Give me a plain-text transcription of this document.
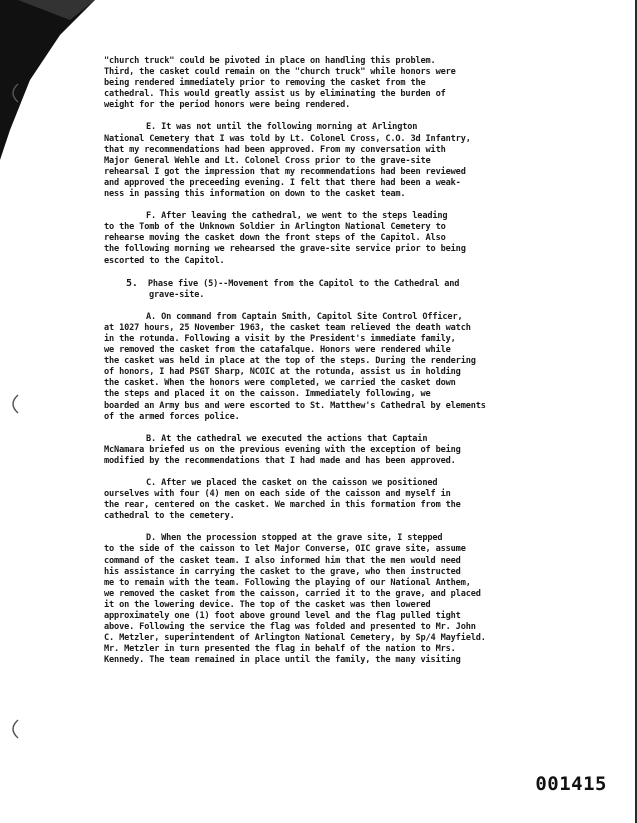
"church truck" could be pivoted in place on handling this problem.

Third, the casket could remain on the "church truck" while honors were

being rendered immediately prior to removing the casket from the

cathedral. This would greatly assist us by eliminating the burden of

weight for the period honors were being rendered.

E. It was not until the following morning at Arlington

National Cemetery that I was told by Lt. Colonel Cross, C.O. 3d Infantry,

that my recommendations had been approved. From my conversation with

Major General Wehle and Lt. Colonel Cross prior to the grave-site

rehearsal I got the impression that my recommendations had been reviewed

and approved the preceeding evening. I felt that there had been a weak-

ness in passing this information on down to the casket team.

F. After leaving the cathedral, we went to the steps leading

to the Tomb of the Unknown Soldier in Arlington National Cemetery to

rehearse moving the casket down the front steps of the Capitol. Also

the following morning we rehearsed the grave-site service prior to being

escorted to the Capitol.

5. Phase five (5)--Movement from the Capitol to the Cathedral and

grave-site.

A. On command from Captain Smith, Capitol Site Control Officer,

at 1027 hours, 25 November 1963, the casket team relieved the death watch

in the rotunda. Following a visit by the President's immediate family,

we removed the casket from the catafalque. Honors were rendered while

the casket was held in place at the top of the steps. During the rendering

of honors, I had PSGT Sharp, NCOIC at the rotunda, assist us in holding

the casket. When the honors were completed, we carried the casket down

the steps and placed it on the caisson. Immediately following, we

boarded an Army bus and were escorted to St. Matthew's Cathedral by elements

of the armed forces police.

B. At the cathedral we executed the actions that Captain

McNamara briefed us on the previous evening with the exception of being

modified by the recommendations that I had made and has been approved.

C. After we placed the casket on the caisson we positioned

ourselves with four (4) men on each side of the caisson and myself in

the rear, centered on the casket. We marched in this formation from the

cathedral to the cemetery.

D. When the procession stopped at the grave site, I stepped

to the side of the caisson to let Major Converse, OIC grave site, assume

command of the casket team. I also informed him that the men would need

his assistance in carrying the casket to the grave, who then instructed

me to remain with the team. Following the playing of our National Anthem,

we removed the casket from the caisson, carried it to the grave, and placed

it on the lowering device. The top of the casket was then lowered

approximately one (1) foot above ground level and the flag pulled tight

above. Following the service the flag was folded and presented to Mr. John

C. Metzler, superintendent of Arlington National Cemetery, by Sp/4 Mayfield.

Mr. Metzler in turn presented the flag in behalf of the nation to Mrs.

Kennedy. The team remained in place until the family, the many visiting

001415
